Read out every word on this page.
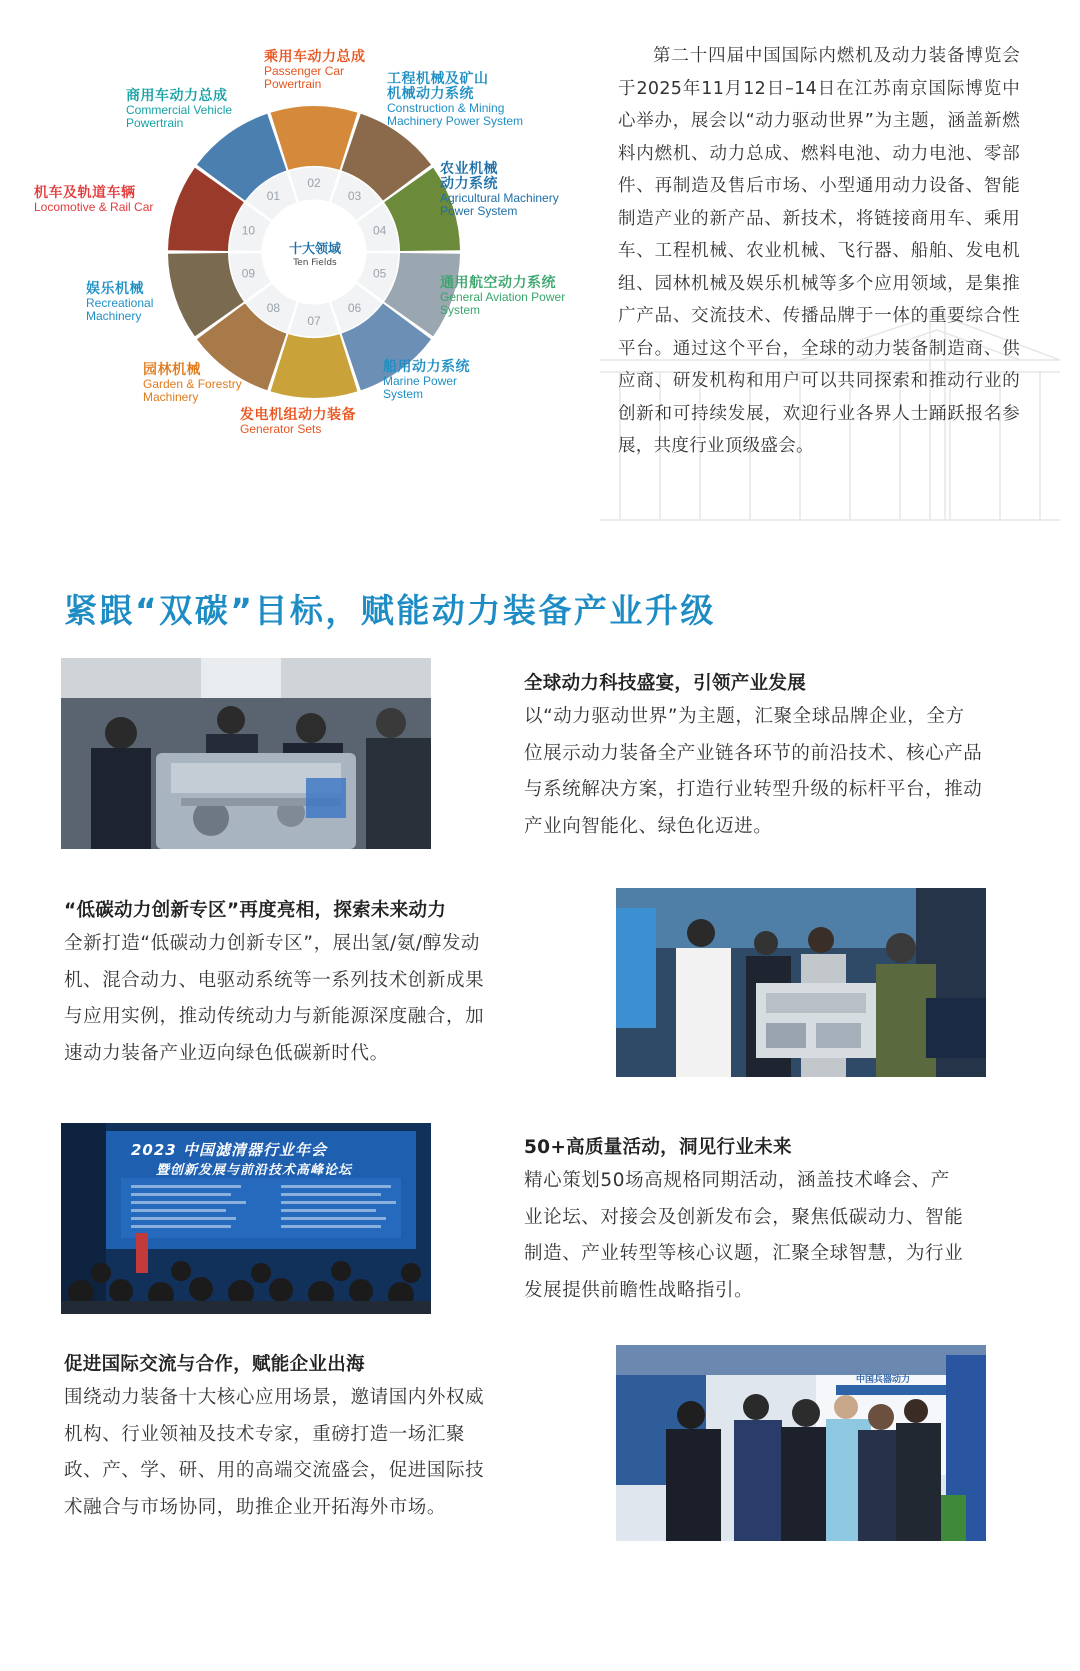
01
02
03
04
05
06
07
08
09
10
十大领域
Ten Fields
乘用车动力总成
Passenger Car
Powertrain	工程机械及矿山
机械动力系统
Construction & Mining
Machinery Power System
商用车动力总成
Commercial Vehicle
Powertrain
农业机械
动力系统
Agricultural Machinery
Power System
机车及轨道车辆
Locomotive & Rail Car
通用航空动力系统
General Aviation Power
System
娱乐机械
Recreational
Machinery
船用动力系统
Marine Power
System
园林机械
Garden & Forestry
Machinery
发电机组动力装备
Generator Sets
第二十四届中国国际内燃机及动力装备博览会于2025年11月12日–14日在江苏南京国际博览中心举办，展会以“动力驱动世界”为主题，涵盖新燃料内燃机、动力总成、燃料电池、动力电池、零部件、再制造及售后市场、小型通用动力设备、智能制造产业的新产品、新技术，将链接商用车、乘用车、工程机械、农业机械、飞行器、船舶、发电机组、园林机械及娱乐机械等多个应用领域，是集推广产品、交流技术、传播品牌于一体的重要综合性平台。通过这个平台，全球的动力装备制造商、供应商、研发机构和用户可以共同探索和推动行业的创新和可持续发展，欢迎行业各界人士踊跃报名参展，共度行业顶级盛会。
紧跟“双碳”目标，赋能动力装备产业升级
全球动力科技盛宴，引领产业发展
以“动力驱动世界”为主题，汇聚全球品牌企业，全方
位展示动力装备全产业链各环节的前沿技术、核心产品
与系统解决方案，打造行业转型升级的标杆平台，推动
产业向智能化、绿色化迈进。
“低碳动力创新专区”再度亮相，探索未来动力
全新打造“低碳动力创新专区”，展出氢/氨/醇发动
机、混合动力、电驱动系统等一系列技术创新成果
与应用实例，推动传统动力与新能源深度融合，加
速动力装备产业迈向绿色低碳新时代。
2023 中国滤清器行业年会
暨创新发展与前沿技术高峰论坛
50+高质量活动，洞见行业未来
精心策划50场高规格同期活动，涵盖技术峰会、产
业论坛、对接会及创新发布会，聚焦低碳动力、智能
制造、产业转型等核心议题，汇聚全球智慧，为行业
发展提供前瞻性战略指引。
促进国际交流与合作，赋能企业出海
围绕动力装备十大核心应用场景，邀请国内外权威
机构、行业领袖及技术专家，重磅打造一场汇聚
政、产、学、研、用的高端交流盛会，促进国际技
术融合与市场协同，助推企业开拓海外市场。
中国兵器动力
